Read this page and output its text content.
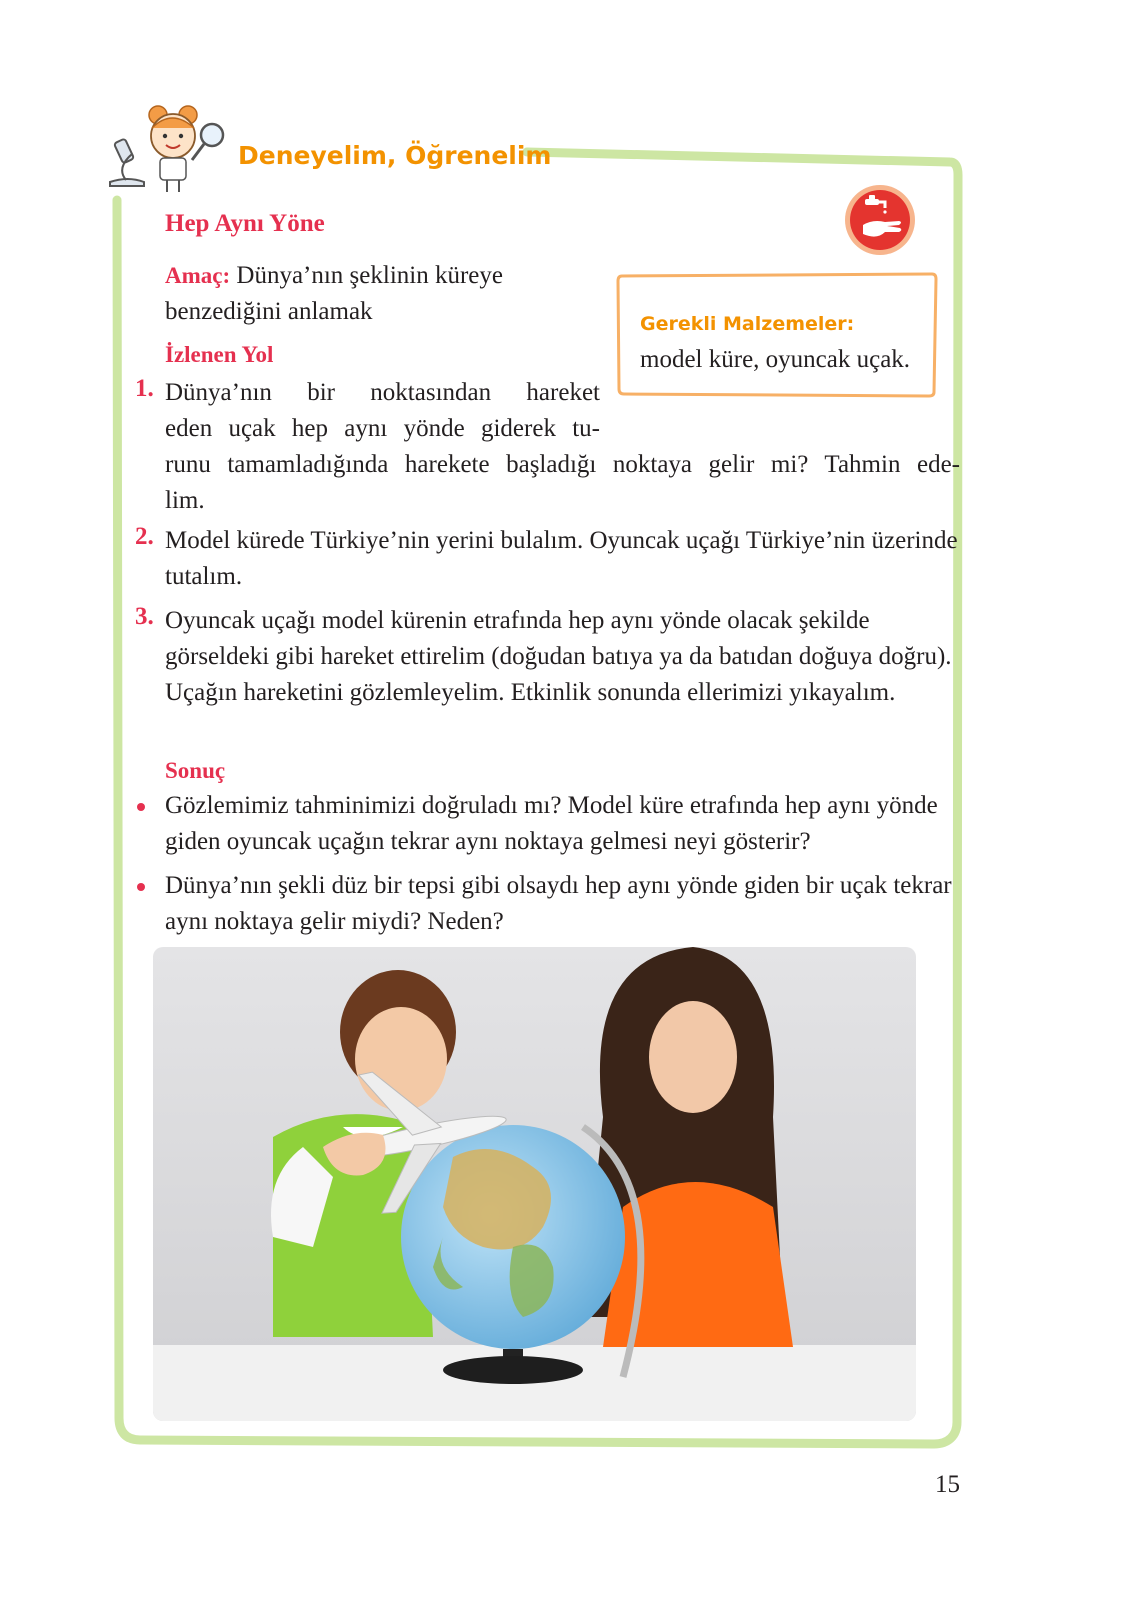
Deneyelim, Öğrenelim
Hep Aynı Yöne
Amaç: Dünya’nın şeklinin küreye benzediğini anlamak	Gerekli Malzemeler: model küre, oyuncak uçak.
İzlenen Yol
1. Dünya’nın bir noktasından hareket
eden uçak hep aynı yönde giderek tu-
runu tamamladığında harekete başladığı noktaya gelir mi? Tahmin ede-
lim.
2. Model kürede Türkiye’nin yerini bulalım. Oyuncak uçağı Türkiye’nin üzerinde tutalım.
3. Oyuncak uçağı model kürenin etrafında hep aynı yönde olacak şekilde görseldeki gibi hareket ettirelim (doğudan batıya ya da batıdan doğuya doğru). Uçağın hareketini gözlemleyelim. Etkinlik sonunda ellerimizi yıkayalım.
Sonuç
Gözlemimiz tahminimizi doğruladı mı? Model küre etrafında hep aynı yönde giden oyuncak uçağın tekrar aynı noktaya gelmesi neyi gösterir?
Dünya’nın şekli düz bir tepsi gibi olsaydı hep aynı yönde giden bir uçak tekrar aynı noktaya gelir miydi? Neden?
15
